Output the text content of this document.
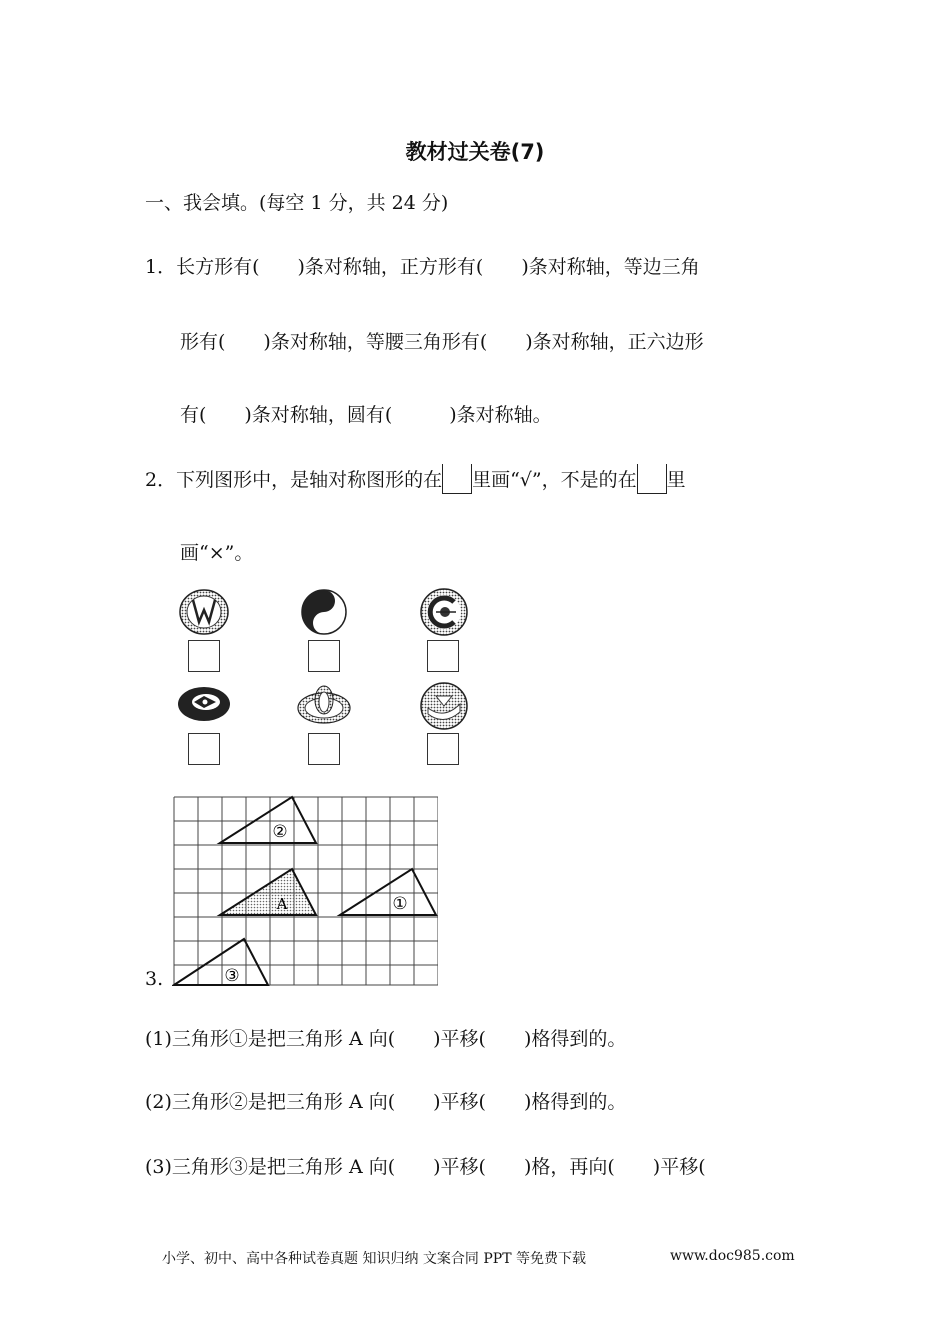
教材过关卷(7)
一、我会填。(每空 1 分，共 24 分)
1．长方形有(　　)条对称轴，正方形有(　　)条对称轴，等边三角
形有(　　)条对称轴，等腰三角形有(　　)条对称轴，正六边形
有(　　)条对称轴，圆有(　　　)条对称轴。
2．下列图形中，是轴对称图形的在 里画“√”，不是的在 里
画“×”。
3.
②
A	①
③
(1)三角形①是把三角形 A 向(　　)平移(　　)格得到的。
(2)三角形②是把三角形 A 向(　　)平移(　　)格得到的。
(3)三角形③是把三角形 A 向(　　)平移(　　)格，再向(　　)平移(
小学、初中、高中各种试卷真题 知识归纳 文案合同 PPT 等免费下载	www.doc985.com
